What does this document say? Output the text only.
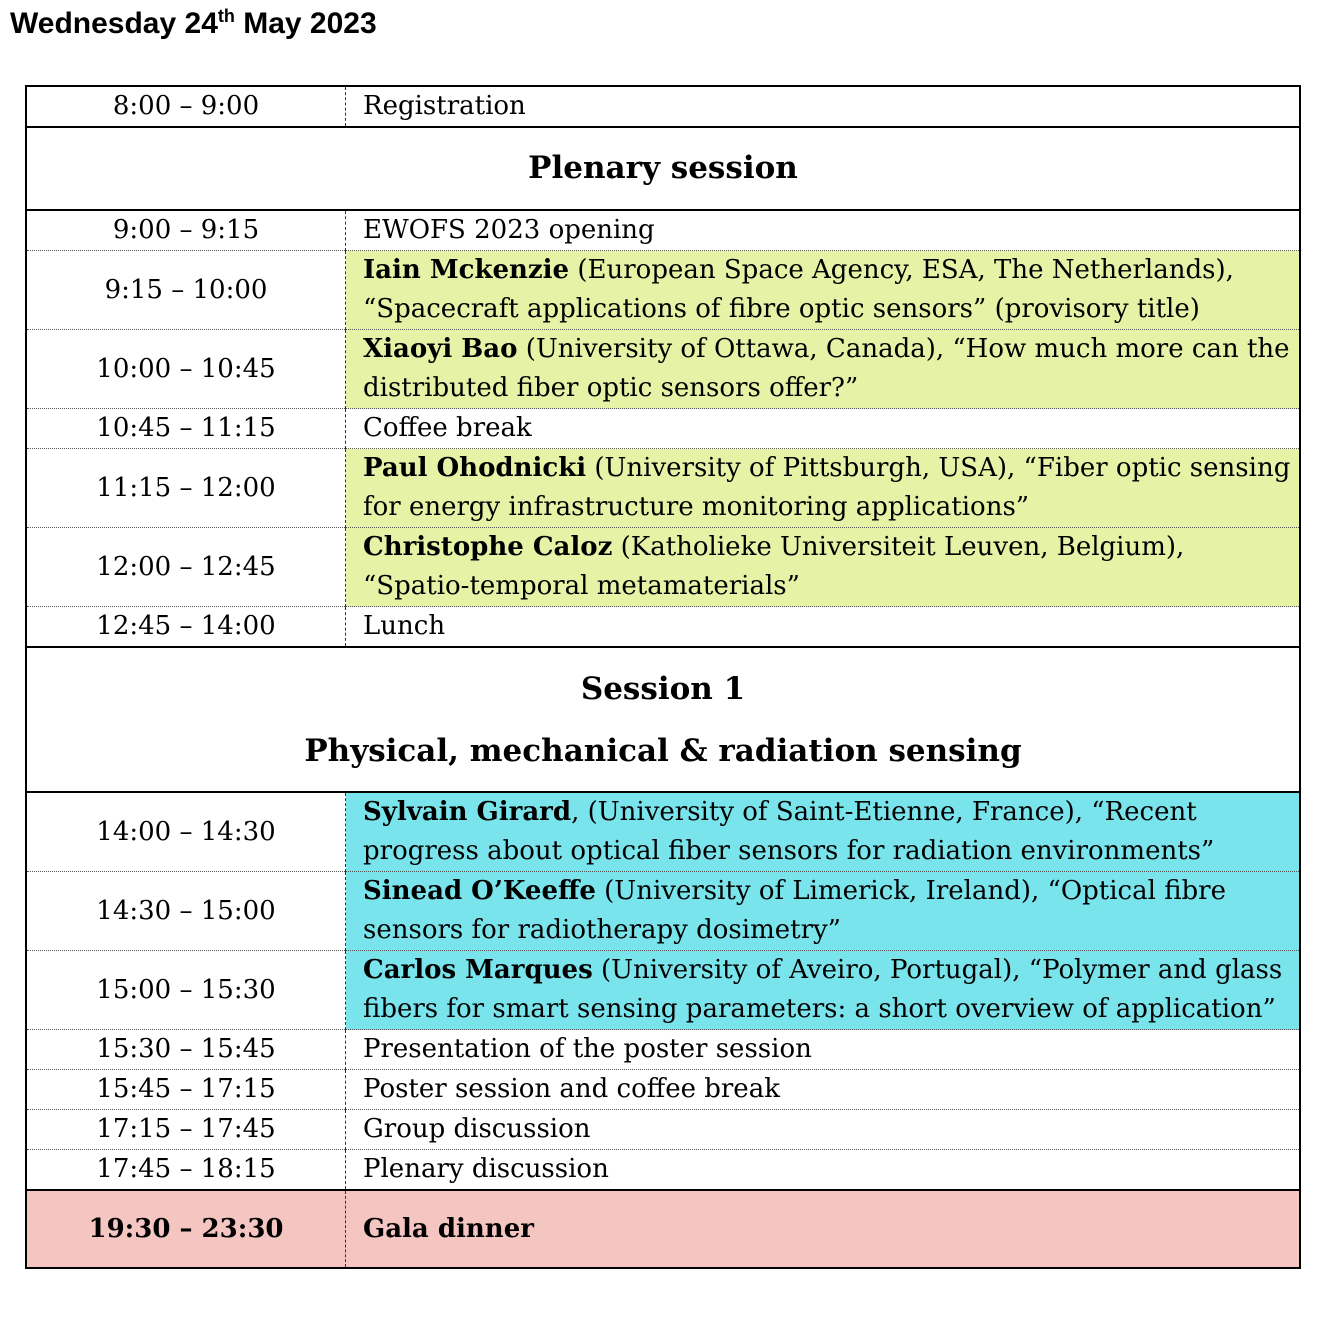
Wednesday 24th May 2023
8:00 – 9:00	Registration
Plenary session	
9:00 – 9:15	EWOFS 2023 opening
9:15 – 10:00	Iain Mckenzie (European Space Agency, ESA, The Netherlands), “Spacecraft applications of fibre optic sensors” (provisory title)
10:00 – 10:45	Xiaoyi Bao (University of Ottawa, Canada), “How much more can the distributed fiber optic sensors offer?”
10:45 – 11:15	Coffee break
11:15 – 12:00	Paul Ohodnicki (University of Pittsburgh, USA), “Fiber optic sensing for energy infrastructure monitoring applications”
12:00 – 12:45	Christophe Caloz (Katholieke Universiteit Leuven, Belgium), “Spatio-temporal metamaterials”
12:45 – 14:00	Lunch
Session 1
Physical, mechanical & radiation sensing	
14:00 – 14:30	Sylvain Girard, (University of Saint-Etienne, France), “Recent progress about optical fiber sensors for radiation environments”
14:30 – 15:00	Sinead O’Keeffe (University of Limerick, Ireland), “Optical fibre sensors for radiotherapy dosimetry”
15:00 – 15:30	Carlos Marques (University of Aveiro, Portugal), “Polymer and glass fibers for smart sensing parameters: a short overview of application”
15:30 – 15:45	Presentation of the poster session
15:45 – 17:15	Poster session and coffee break
17:15 – 17:45	Group discussion
17:45 – 18:15	Plenary discussion
19:30 – 23:30	Gala dinner
